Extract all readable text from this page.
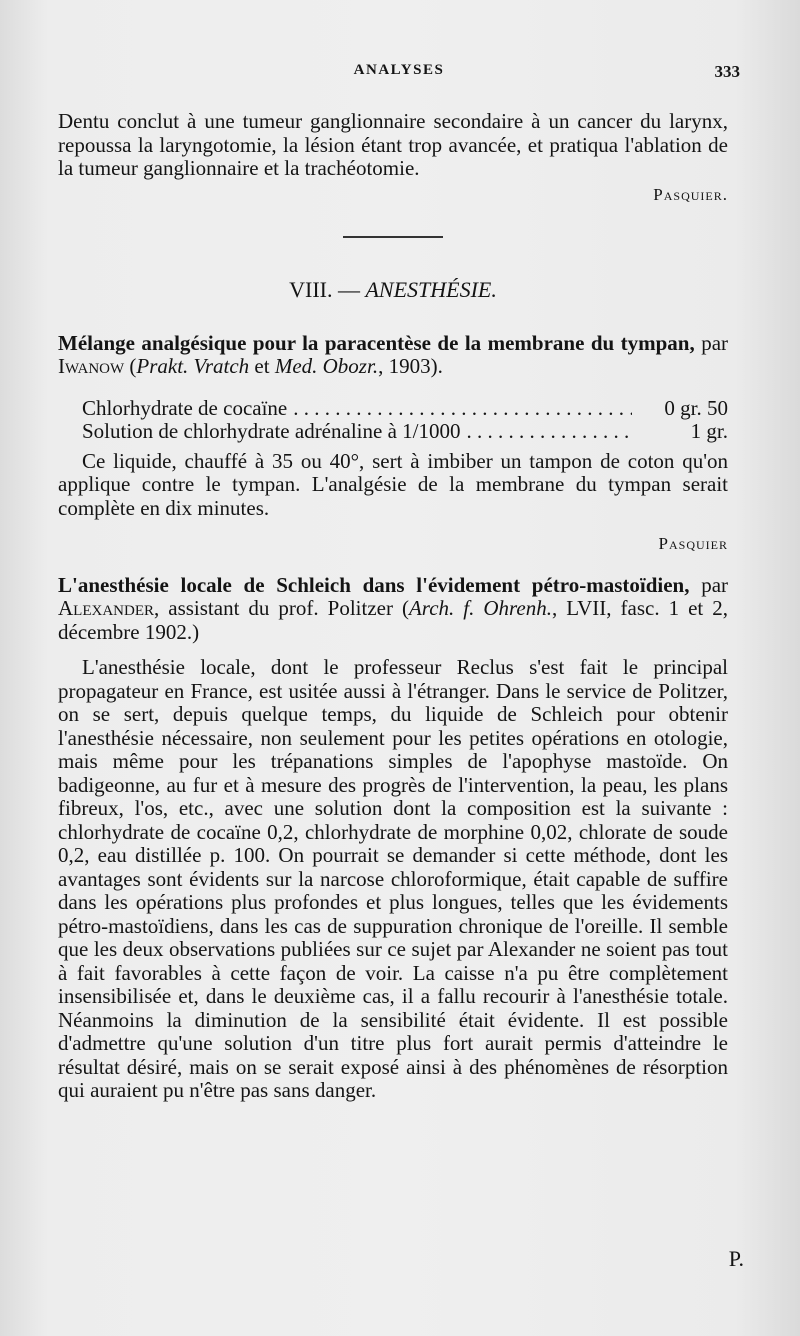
ANALYSES	333

Dentu conclut à une tumeur ganglionnaire secondaire à un cancer du larynx, repoussa la laryngotomie, la lésion étant trop avancée, et pratiqua l'ablation de la tumeur ganglionnaire et la trachéotomie.

Pasquier.
VIII. — ANESTHÉSIE.

Mélange analgésique pour la paracentèse de la membrane du tympan, par Iwanow (Prakt. Vratch et Med. Obozr., 1903).

Chlorhydrate de cocaïne . . .	0 gr. 50
Solution de chlorhydrate adrénaline à 1/1000 . . .	1 gr.

Ce liquide, chauffé à 35 ou 40°, sert à imbiber un tampon de coton qu'on applique contre le tympan. L'analgésie de la membrane du tympan serait complète en dix minutes.

Pasquier

L'anesthésie locale de Schleich dans l'évidement pétro-mastoïdien, par Alexander, assistant du prof. Politzer (Arch. f. Ohrenh., LVII, fasc. 1 et 2, décembre 1902.)

L'anesthésie locale, dont le professeur Reclus s'est fait le principal propagateur en France, est usitée aussi à l'étranger. Dans le service de Politzer, on se sert, depuis quelque temps, du liquide de Schleich pour obtenir l'anesthésie nécessaire, non seulement pour les petites opérations en otologie, mais même pour les trépanations simples de l'apophyse mastoïde. On badigeonne, au fur et à mesure des progrès de l'intervention, la peau, les plans fibreux, l'os, etc., avec une solution dont la composition est la suivante : chlorhydrate de cocaïne 0,2, chlorhydrate de morphine 0,02, chlorate de soude 0,2, eau distillée p. 100. On pourrait se demander si cette méthode, dont les avantages sont évidents sur la narcose chloroformique, était capable de suffire dans les opérations plus profondes et plus longues, telles que les évidements pétro-mastoïdiens, dans les cas de suppuration chronique de l'oreille. Il semble que les deux observations publiées sur ce sujet par Alexander ne soient pas tout à fait favorables à cette façon de voir. La caisse n'a pu être complètement insensibilisée et, dans le deuxième cas, il a fallu recourir à l'anesthésie totale. Néanmoins la diminution de la sensibilité était évidente. Il est possible d'admettre qu'une solution d'un titre plus fort aurait permis d'atteindre le résultat désiré, mais on se serait exposé ainsi à des phénomènes de résorption qui auraient pu n'être pas sans danger.

P.
